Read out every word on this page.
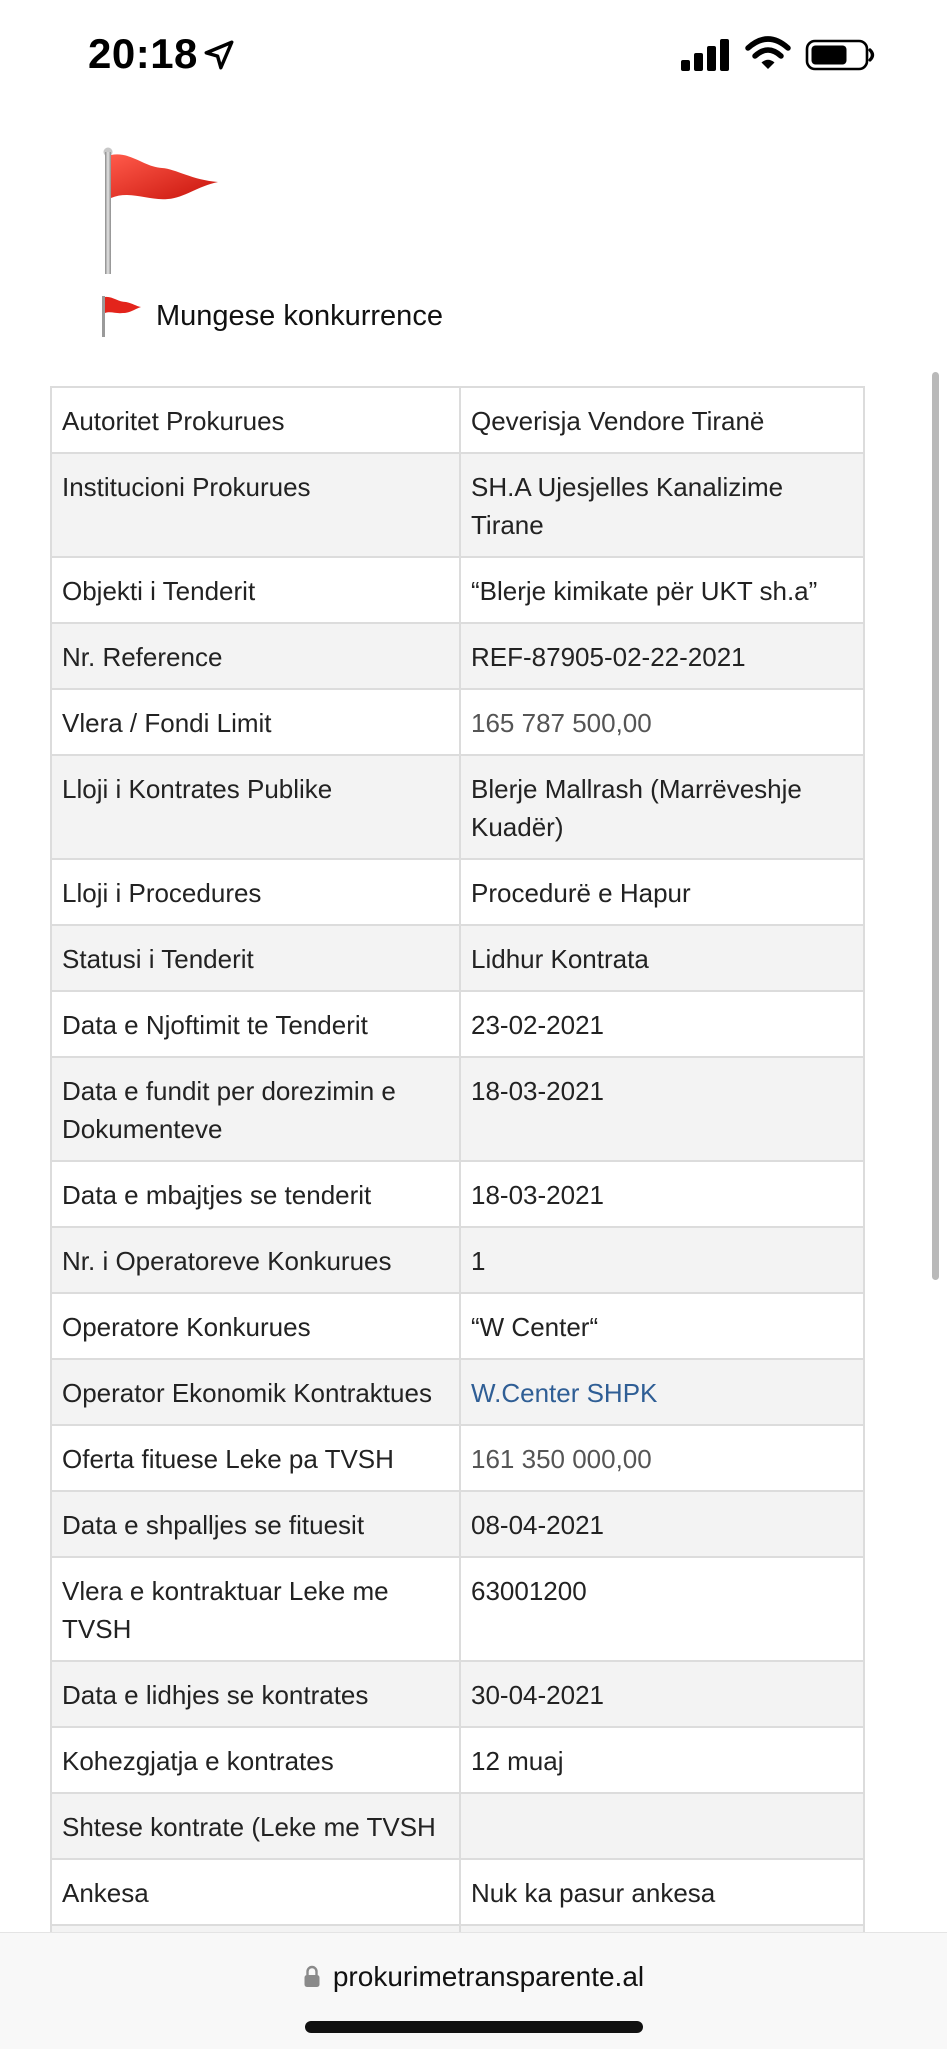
20:18
Mungese konkurrence
Autoritet Prokurues	Qeverisja Vendore Tiranë
Institucioni Prokurues	SH.A Ujesjelles Kanalizime Tirane
Objekti i Tenderit	“Blerje kimikate për UKT sh.a”
Nr. Reference	REF-87905-02-22-2021
Vlera / Fondi Limit	165 787 500,00
Lloji i Kontrates Publike	Blerje Mallrash (Marrëveshje Kuadër)
Lloji i Procedures	Procedurë e Hapur
Statusi i Tenderit	Lidhur Kontrata
Data e Njoftimit te Tenderit	23-02-2021
Data e fundit per dorezimin e Dokumenteve	18-03-2021
Data e mbajtjes se tenderit	18-03-2021
Nr. i Operatoreve Konkurues	1
Operatore Konkurues	“W Center“
Operator Ekonomik Kontraktues	W.Center SHPK
Oferta fituese Leke pa TVSH	161 350 000,00
Data e shpalljes se fituesit	08-04-2021
Vlera e kontraktuar Leke me TVSH	63001200
Data e lidhjes se kontrates	30-04-2021
Kohezgjatja e kontrates	12 muaj
Shtese kontrate (Leke me TVSH	
Ankesa	Nuk ka pasur ankesa

prokurimetransparente.al
